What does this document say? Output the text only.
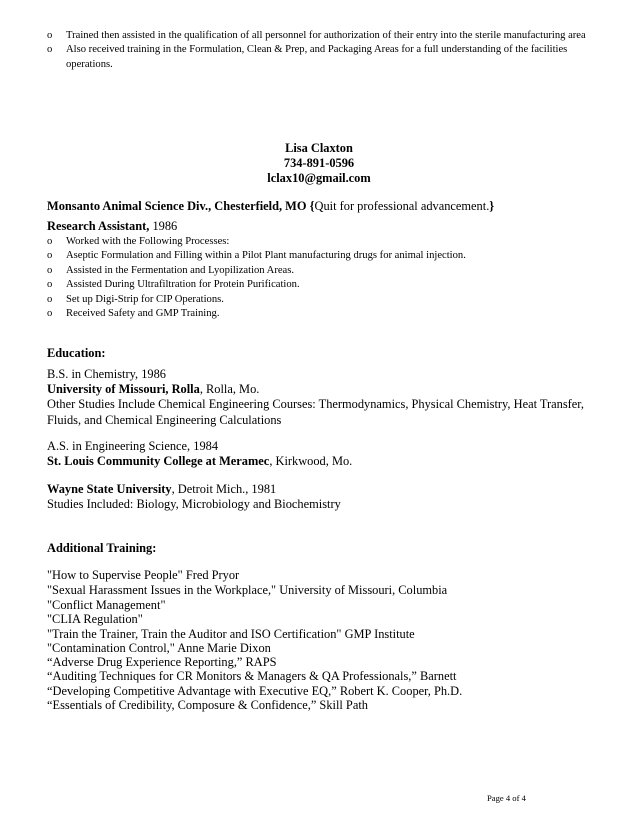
o Trained then assisted in the qualification of all personnel for authorization of their entry into the sterile manufacturing area
o Also received training in the Formulation, Clean & Prep, and Packaging Areas for a full understanding of the facilities operations.
Lisa Claxton
734-891-0596
lclax10@gmail.com
Monsanto Animal Science Div., Chesterfield, MO {Quit for professional advancement.}
Research Assistant, 1986
o Worked with the Following Processes:
o Aseptic Formulation and Filling within a Pilot Plant manufacturing drugs for animal injection.
o Assisted in the Fermentation and Lyopilization Areas.
o Assisted During Ultrafiltration for Protein Purification.
o Set up Digi-Strip for CIP Operations.
o Received Safety and GMP Training.
Education:
B.S. in Chemistry, 1986
University of Missouri, Rolla, Rolla, Mo.
Other Studies Include Chemical Engineering Courses: Thermodynamics, Physical Chemistry, Heat Transfer, Fluids, and Chemical Engineering Calculations
A.S. in Engineering Science, 1984
St. Louis Community College at Meramec, Kirkwood, Mo.
Wayne State University, Detroit Mich., 1981
Studies Included: Biology, Microbiology and Biochemistry
Additional Training:
"How to Supervise People" Fred Pryor
"Sexual Harassment Issues in the Workplace," University of Missouri, Columbia
"Conflict Management"
"CLIA Regulation"
"Train the Trainer, Train the Auditor and ISO Certification" GMP Institute
"Contamination Control," Anne Marie Dixon
“Adverse Drug Experience Reporting,” RAPS
“Auditing Techniques for CR Monitors & Managers & QA Professionals,” Barnett
“Developing Competitive Advantage with Executive EQ,” Robert K. Cooper, Ph.D.
“Essentials of Credibility, Composure & Confidence,” Skill Path
Page 4 of 4
